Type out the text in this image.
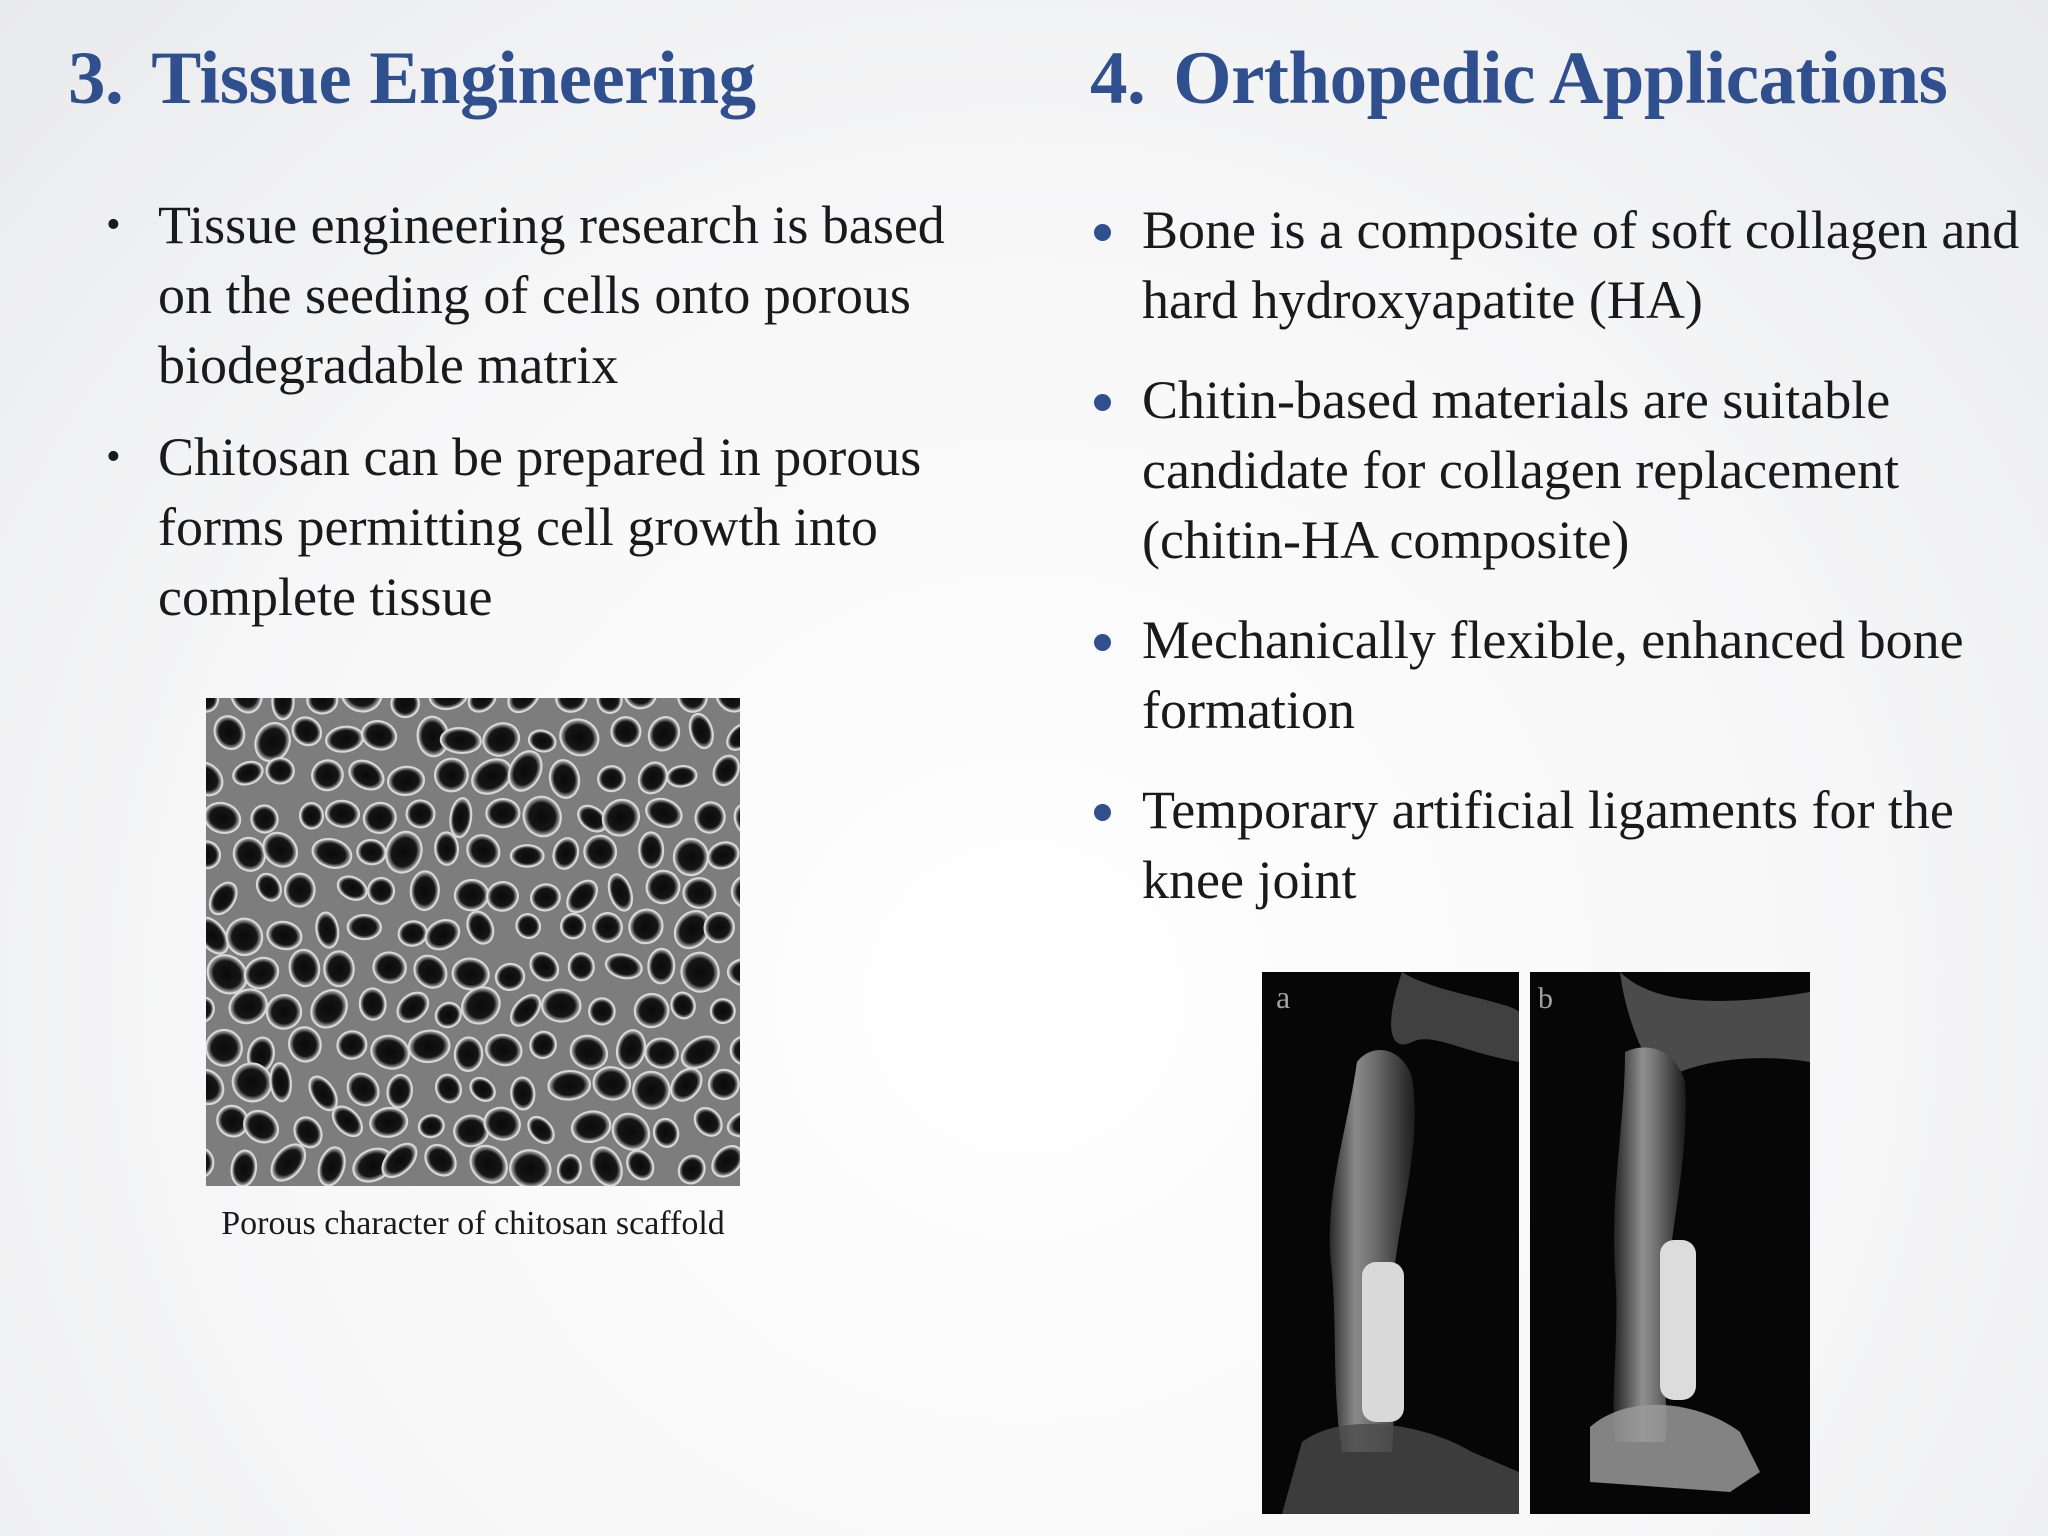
3. Tissue Engineering
• Tissue engineering research is based on the seeding of cells onto porous biodegradable matrix
• Chitosan can be prepared in porous forms permitting cell growth into complete tissue
Porous character of chitosan scaffold
4. Orthopedic Applications
Bone is a composite of soft collagen and hard hydroxyapatite (HA)
Chitin-based materials are suitable candidate for collagen replacement (chitin-HA composite)
Mechanically flexible, enhanced bone formation
Temporary artificial ligaments for the knee joint
a	b
